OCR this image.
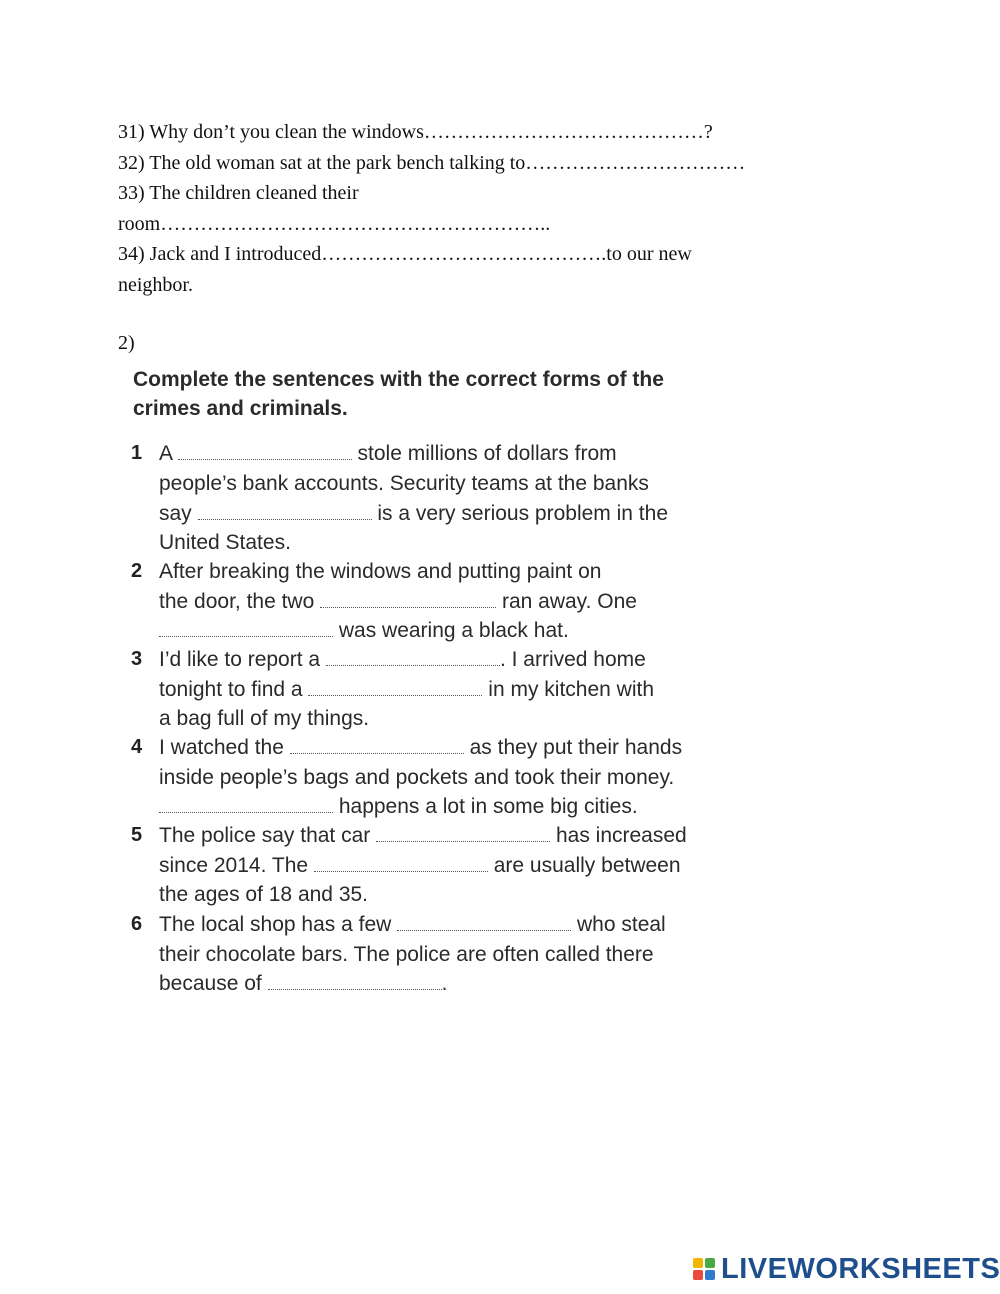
31) Why don’t you clean the windows……………………………………?
32) The old woman sat at the park bench talking to……………………………
33) The children cleaned their
room…………………………………………………..
34) Jack and I introduced…………………………………….to our new
neighbor.
2)
Complete the sentences with the correct forms of the
crimes and criminals.
1 A	stole millions of dollars from
people’s bank accounts. Security teams at the banks
say	is a very serious problem in the
United States.
2 After breaking the windows and putting paint on
the door, the two	ran away. One
was wearing a black hat.
3 I’d like to report a	. I arrived home
tonight to find a	in my kitchen with
a bag full of my things.
4 I watched the	as they put their hands
inside people’s bags and pockets and took their money.
happens a lot in some big cities.
5 The police say that car	has increased
since 2014. The	are usually between
the ages of 18 and 35.
6 The local shop has a few	who steal
their chocolate bars. The police are often called there
because of	.
LIVEWORKSHEETS
